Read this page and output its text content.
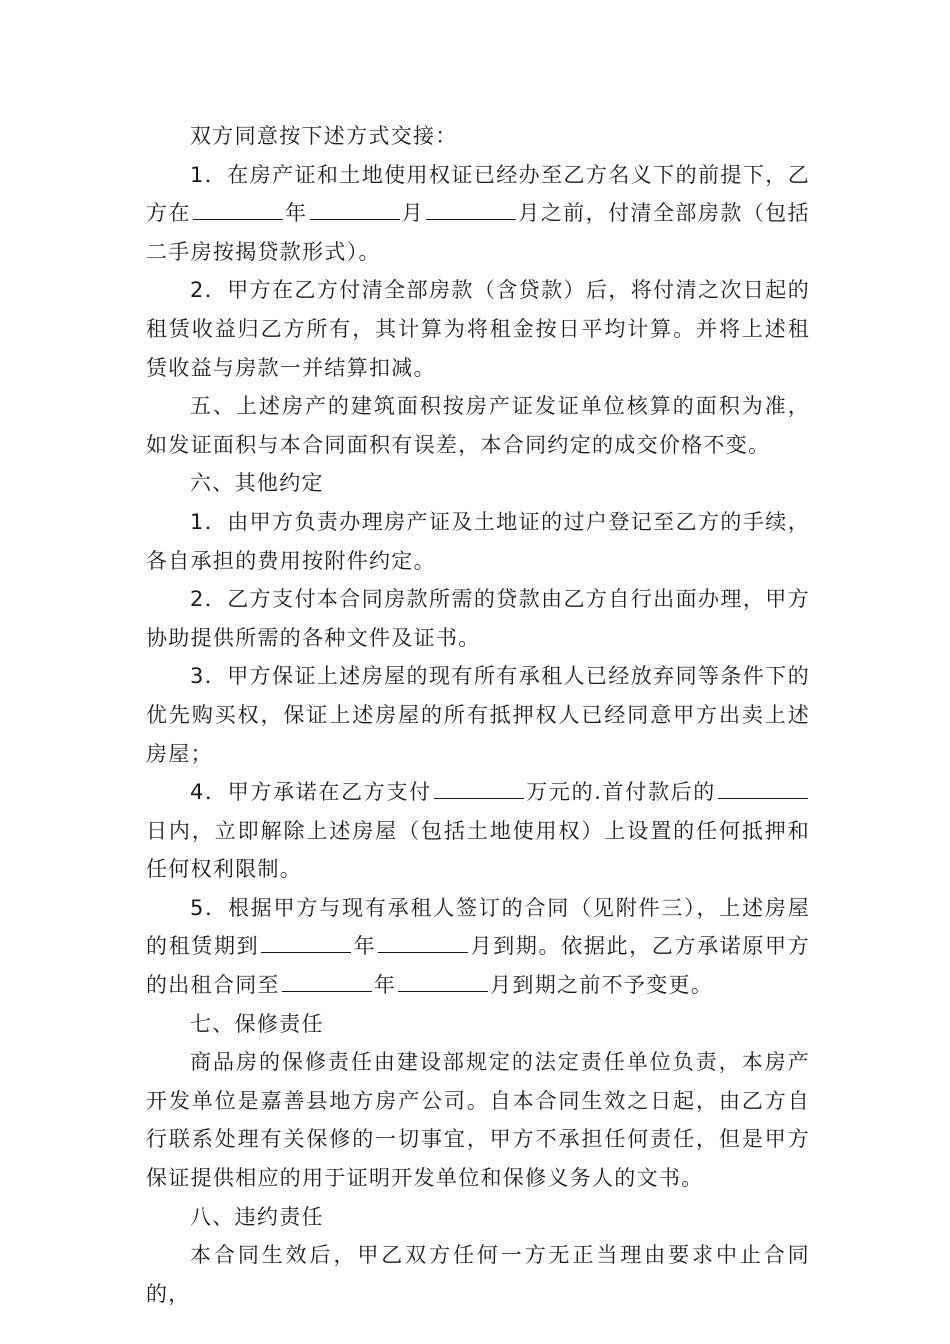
双方同意按下述方式交接：

1．在房产证和土地使用权证已经办至乙方名义下的前提下，乙方在	年	月	月之前，付清全部房款（包括二手房按揭贷款形式）。

2．甲方在乙方付清全部房款（含贷款）后，将付清之次日起的租赁收益归乙方所有，其计算为将租金按日平均计算。并将上述租赁收益与房款一并结算扣减。

五、上述房产的建筑面积按房产证发证单位核算的面积为准，如发证面积与本合同面积有误差，本合同约定的成交价格不变。

六、其他约定

1．由甲方负责办理房产证及土地证的过户登记至乙方的手续，各自承担的费用按附件约定。

2．乙方支付本合同房款所需的贷款由乙方自行出面办理，甲方协助提供所需的各种文件及证书。

3．甲方保证上述房屋的现有所有承租人已经放弃同等条件下的优先购买权，保证上述房屋的所有抵押权人已经同意甲方出卖上述房屋；

4．甲方承诺在乙方支付	万元的.首付款后的日内，立即解除上述房屋（包括土地使用权）上设置的任何抵押和任何权利限制。

5．根据甲方与现有承租人签订的合同（见附件三），上述房屋的租赁期到	年	月到期。依据此，乙方承诺原甲方的出租合同至	年	月到期之前不予变更。

七、保修责任

商品房的保修责任由建设部规定的法定责任单位负责，本房产开发单位是嘉善县地方房产公司。自本合同生效之日起，由乙方自行联系处理有关保修的一切事宜，甲方不承担任何责任，但是甲方保证提供相应的用于证明开发单位和保修义务人的文书。

八、违约责任

本合同生效后，甲乙双方任何一方无正当理由要求中止合同的，
